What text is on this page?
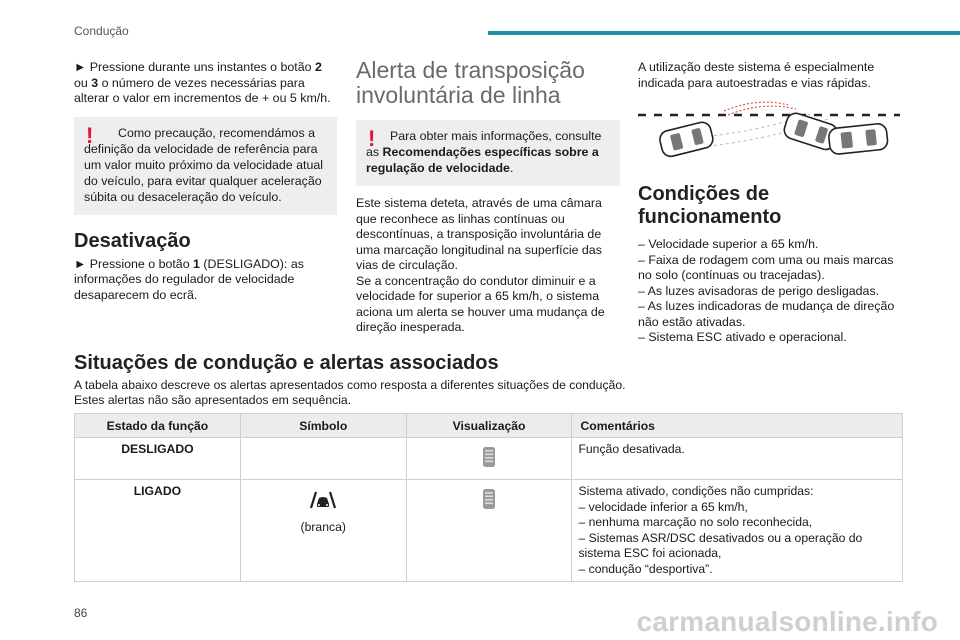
Condução

► Pressione durante uns instantes o botão 2 ou 3 o número de vezes necessárias para alterar o valor em incrementos de + ou 5 km/h.

!	Como precaução, recomendámos a definição da velocidade de referência para um valor muito próximo da velocidade atual do veículo, para evitar qualquer aceleração súbita ou desaceleração do veículo.
Desativação

► Pressione o botão 1 (DESLIGADO): as informações do regulador de velocidade desaparecem do ecrã.

Alerta de transposição involuntária de linha
!	Para obter mais informações, consulte as Recomendações específicas sobre a regulação de velocidade.

Este sistema deteta, através de uma câmara que reconhece as linhas contínuas ou descontínuas, a transposição involuntária de uma marcação longitudinal na superfície das vias de circulação.

Se a concentração do condutor diminuir e a velocidade for superior a 65 km/h, o sistema aciona um alerta se houver uma mudança de direção inesperada.

A utilização deste sistema é especialmente indicada para autoestradas e vias rápidas.

Condições de funcionamento

– Velocidade superior a 65 km/h.

– Faixa de rodagem com uma ou mais marcas no solo (contínuas ou tracejadas).

– As luzes avisadoras de perigo desligadas.

– As luzes indicadoras de mudança de direção não estão ativadas.

– Sistema ESC ativado e operacional.

Situações de condução e alertas associados

A tabela abaixo descreve os alertas apresentados como resposta a diferentes situações de condução.

Estes alertas não são apresentados em sequência.

Estado da função	Símbolo	Visualização	Comentários
DESLIGADO			Função desativada.
LIGADO	(branca)		Sistema ativado, condições não cumpridas:
– velocidade inferior a 65 km/h,
– nenhuma marcação no solo reconhecida,
– Sistemas ASR/DSC desativados ou a operação do sistema ESC foi acionada,
– condução “desportiva”.
86	carmanualsonline.info
